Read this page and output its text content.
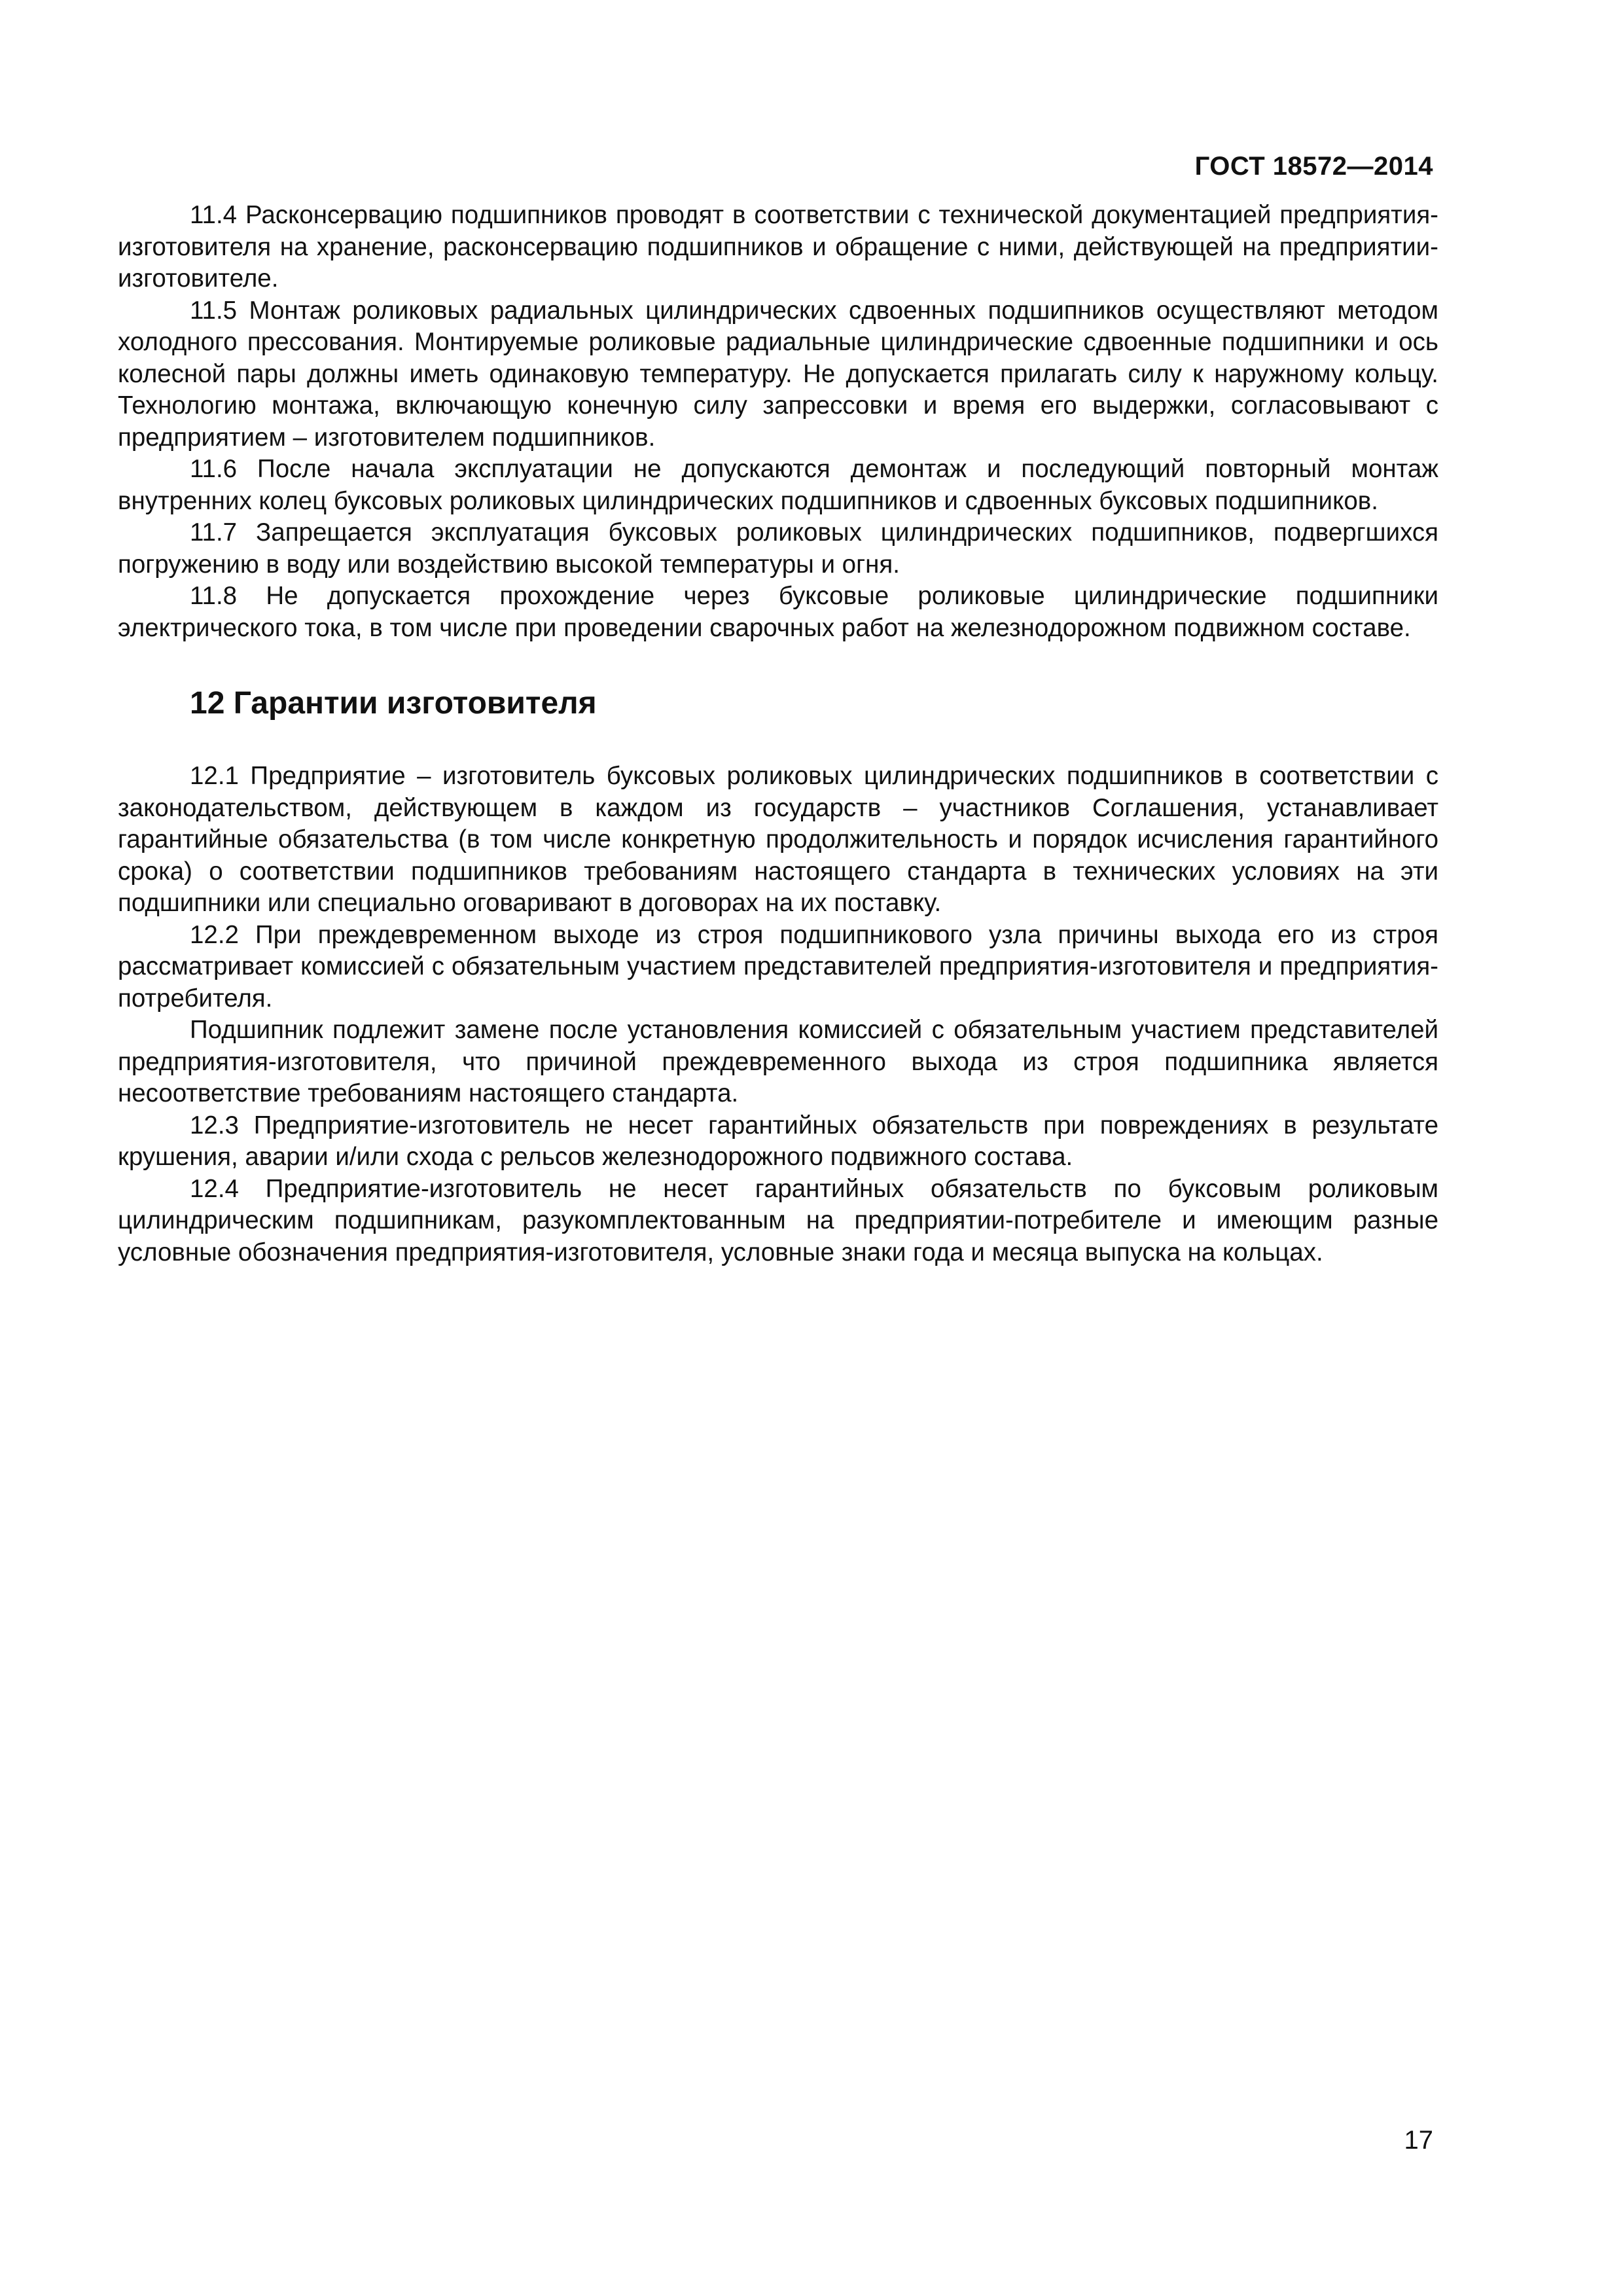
ГОСТ 18572—2014

11.4 Расконсервацию подшипников проводят в соответствии с технической документацией предприятия-изготовителя на хранение, расконсервацию подшипников и обращение с ними, действующей на предприятии-изготовителе.

11.5 Монтаж роликовых радиальных цилиндрических сдвоенных подшипников осуществляют методом холодного прессования. Монтируемые роликовые радиальные цилиндрические сдвоенные подшипники и ось колесной пары должны иметь одинаковую температуру. Не допускается прилагать силу к наружному кольцу. Технологию монтажа, включающую конечную силу запрессовки и время его выдержки, согласовывают с предприятием – изготовителем подшипников.

11.6 После начала эксплуатации не допускаются демонтаж и последующий повторный монтаж внутренних колец буксовых роликовых цилиндрических подшипников и сдвоенных буксовых подшипников.

11.7 Запрещается эксплуатация буксовых роликовых цилиндрических подшипников, подвергшихся погружению в воду или воздействию высокой температуры и огня.

11.8 Не допускается прохождение через буксовые роликовые цилиндрические подшипники электрического тока, в том числе при проведении сварочных работ на железнодорожном подвижном составе.

12 Гарантии изготовителя

12.1 Предприятие – изготовитель буксовых роликовых цилиндрических подшипников в соответствии с законодательством, действующем в каждом из государств – участников Соглашения, устанавливает гарантийные обязательства (в том числе конкретную продолжительность и порядок исчисления гарантийного срока) о соответствии подшипников требованиям настоящего стандарта в технических условиях на эти подшипники или специально оговаривают в договорах на их поставку.

12.2 При преждевременном выходе из строя подшипникового узла причины выхода его из строя рассматривает комиссией с обязательным участием представителей предприятия-изготовителя и предприятия-потребителя.

Подшипник подлежит замене после установления комиссией с обязательным участием представителей предприятия-изготовителя, что причиной преждевременного выхода из строя подшипника является несоответствие требованиям настоящего стандарта.

12.3 Предприятие-изготовитель не несет гарантийных обязательств при повреждениях в результате крушения, аварии и/или схода с рельсов железнодорожного подвижного состава.

12.4 Предприятие-изготовитель не несет гарантийных обязательств по буксовым роликовым цилиндрическим подшипникам, разукомплектованным на предприятии-потребителе и имеющим разные условные обозначения предприятия-изготовителя, условные знаки года и месяца выпуска на кольцах.

17
